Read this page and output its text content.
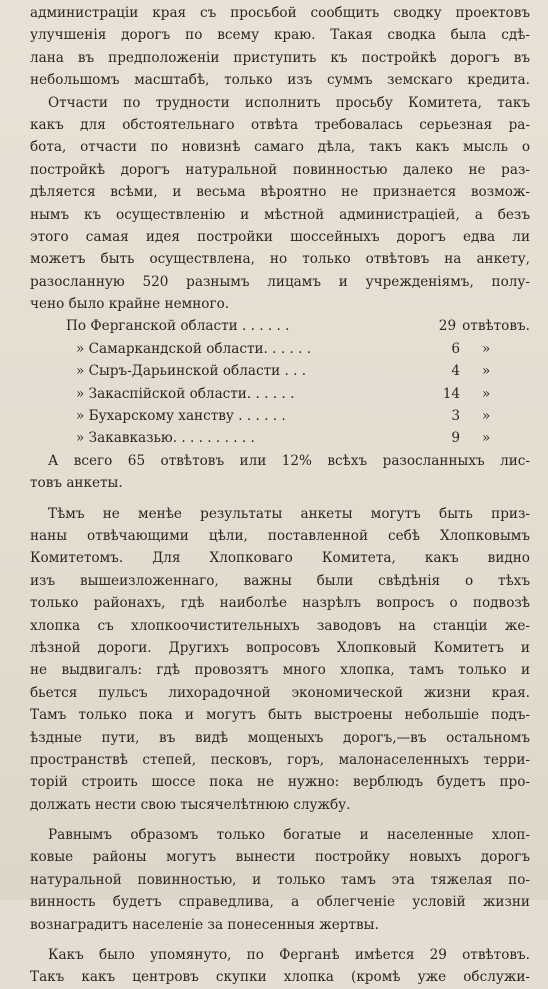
администрацiи края съ просьбой сообщить сводку проектовъ
улучшенiя дорогъ по всему краю. Такая сводка была сдѣ-
лана въ предположенiи приступить къ постройкѣ дорогъ въ
небольшомъ масштабѣ, только изъ суммъ земскаго кредита.
Отчасти по трудности исполнить просьбу Комитета, такъ
какъ для обстоятельнаго отвѣта требовалась серьезная ра-
бота, отчасти по новизнѣ самаго дѣла, такъ какъ мысль о
постройкѣ дорогъ натуральной повинностью далеко не раз-
дѣляется всѣми, и весьма вѣроятно не признается возмож-
нымъ къ осуществленiю и мѣстной администрацiей, а безъ
этого самая идея постройки шоссейныхъ дорогъ едва ли
можетъ быть осуществлена, но только отвѣтовъ на анкету,
разосланную 520 разнымъ лицамъ и учрежденiямъ, полу-
чено было крайне немного.
По Ферганской области . . . . . .	29 отвѣтовъ.
» Самаркандской области. . . . . .	6	»
» Сыръ-Дарьинской области . . .	4	»
» Закаспiйской области. . . . . .	14	»
» Бухарскому ханству . . . . . .	3	»
» Закавказью. . . . . . . . . .	9	»
А всего 65 отвѣтовъ или 12% всѣхъ разосланныхъ лис-
товъ анкеты.
Тѣмъ не менѣе результаты анкеты могутъ быть приз-
наны отвѣчающими цѣли, поставленной себѣ Хлопковымъ
Комитетомъ. Для Хлопковаго Комитета, какъ видно
изъ вышеизложеннаго, важны были свѣдѣнiя о тѣхъ
только районахъ, гдѣ наиболѣе назрѣлъ вопросъ о подвозѣ
хлопка съ хлопкоочистительныхъ заводовъ на станцiи же-
лѣзной дороги. Другихъ вопросовъ Хлопковый Комитетъ и
не выдвигалъ: гдѣ провозятъ много хлопка, тамъ только и
бьется пульсъ лихорадочной экономической жизни края.
Тамъ только пока и могутъ быть выстроены небольшiе подъ-
ѣздные пути, въ видѣ мощеныхъ дорогъ,—въ остальномъ
пространствѣ степей, песковъ, горъ, малонаселенныхъ терри-
торiй строить шоссе пока не нужно: верблюдъ будетъ про-
должать нести свою тысячелѣтнюю службу.
Равнымъ образомъ только богатые и населенные хлоп-
ковые районы могутъ вынести постройку новыхъ дорогъ
натуральной повинностью, и только тамъ эта тяжелая по-
винность будетъ справедлива, а облегченiе условiй жизни
вознаградитъ населенiе за понесенныя жертвы.
Какъ было упомянуто, по Ферганѣ имѣется 29 отвѣтовъ.
Такъ какъ центровъ скупки хлопка (кромѣ уже обслужи-
